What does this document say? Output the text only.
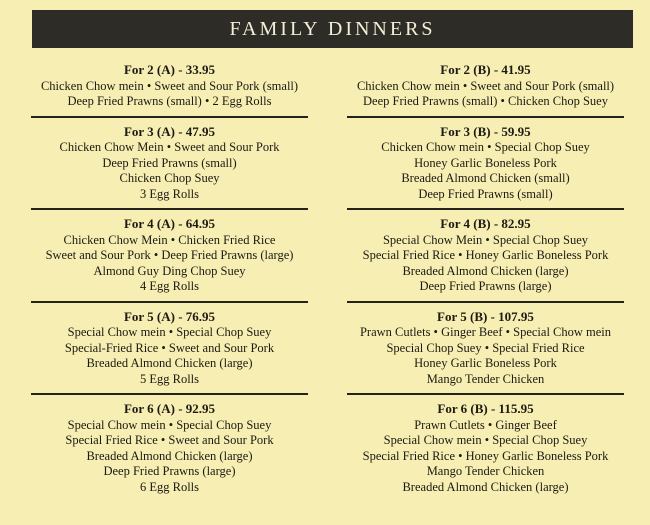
FAMILY DINNERS
For 2 (A) - 33.95
Chicken Chow mein • Sweet and Sour Pork (small)
Deep Fried Prawns (small) • 2 Egg Rolls
For 3 (A) - 47.95
Chicken Chow Mein • Sweet and Sour Pork
Deep Fried Prawns (small)
Chicken Chop Suey
3 Egg Rolls
For 4 (A) - 64.95
Chicken Chow Mein • Chicken Fried Rice
Sweet and Sour Pork • Deep Fried Prawns (large)
Almond Guy Ding Chop Suey
4 Egg Rolls
For 5 (A) - 76.95
Special Chow mein • Special Chop Suey
Special-Fried Rice • Sweet and Sour Pork
Breaded Almond Chicken (large)
5 Egg Rolls
For 6 (A) - 92.95
Special Chow mein • Special Chop Suey
Special Fried Rice • Sweet and Sour Pork
Breaded Almond Chicken (large)
Deep Fried Prawns (large)
6 Egg Rolls
For 2 (B) - 41.95
Chicken Chow mein • Sweet and Sour Pork (small)
Deep Fried Prawns (small) • Chicken Chop Suey
For 3 (B) - 59.95
Chicken Chow mein • Special Chop Suey
Honey Garlic Boneless Pork
Breaded Almond Chicken (small)
Deep Fried Prawns (small)
For 4 (B) - 82.95
Special Chow Mein • Special Chop Suey
Special Fried Rice • Honey Garlic Boneless Pork
Breaded Almond Chicken (large)
Deep Fried Prawns (large)
For 5 (B) - 107.95
Prawn Cutlets • Ginger Beef • Special Chow mein
Special Chop Suey • Special Fried Rice
Honey Garlic Boneless Pork
Mango Tender Chicken
For 6 (B) - 115.95
Prawn Cutlets • Ginger Beef
Special Chow mein • Special Chop Suey
Special Fried Rice • Honey Garlic Boneless Pork
Mango Tender Chicken
Breaded Almond Chicken (large)
